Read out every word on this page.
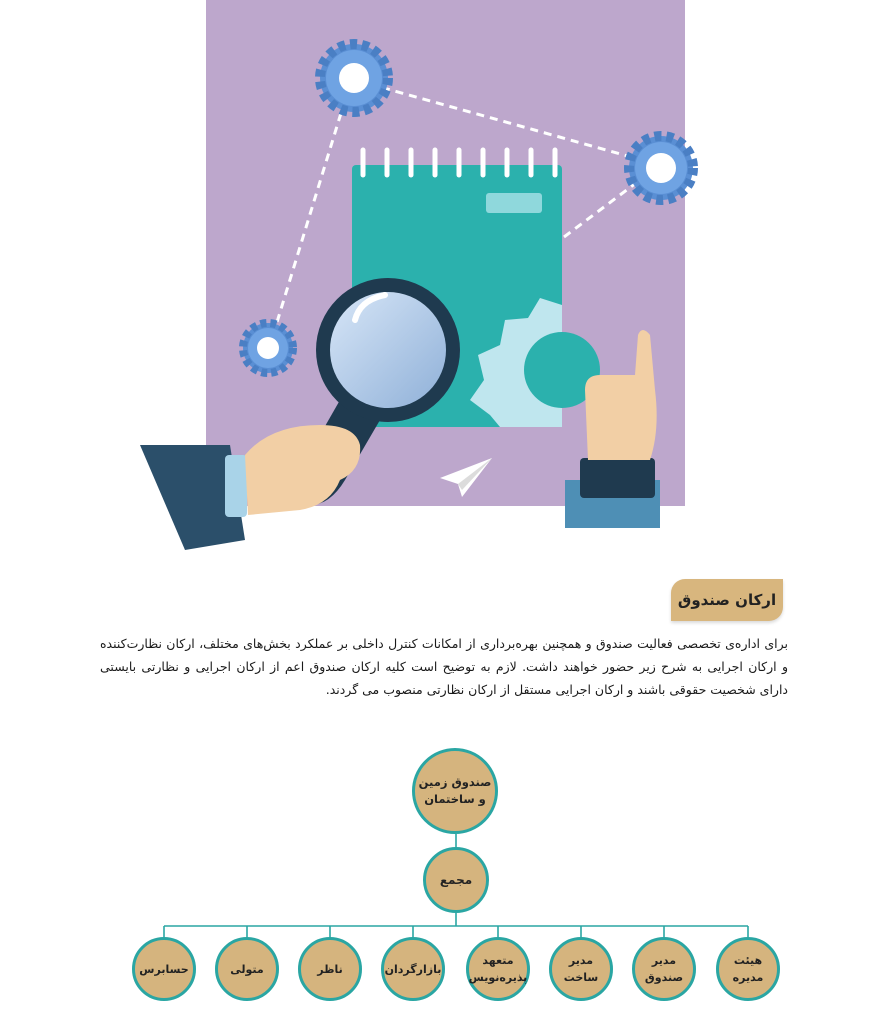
ارکان صندوق
برای اداره‌ی تخصصی فعالیت صندوق و همچنین بهره‌برداری از امکانات کنترل داخلی بر عملکرد بخش‌های مختلف، ارکان نظارت‌کننده و ارکان اجرایی به شرح زیر حضور خواهند داشت. لازم به توضیح است کلیه ارکان صندوق اعم از ارکان اجرایی و نظارتی بایستی دارای شخصیت حقوقی باشند و ارکان اجرایی مستقل از ارکان نظارتی منصوب می گردند.
صندوق زمین و ساختمان
مجمع
هیئت مدیره
مدیر صندوق
مدیر ساخت
متعهد پذیره‌نویس
بازارگردان
ناظر
متولی
حسابرس
